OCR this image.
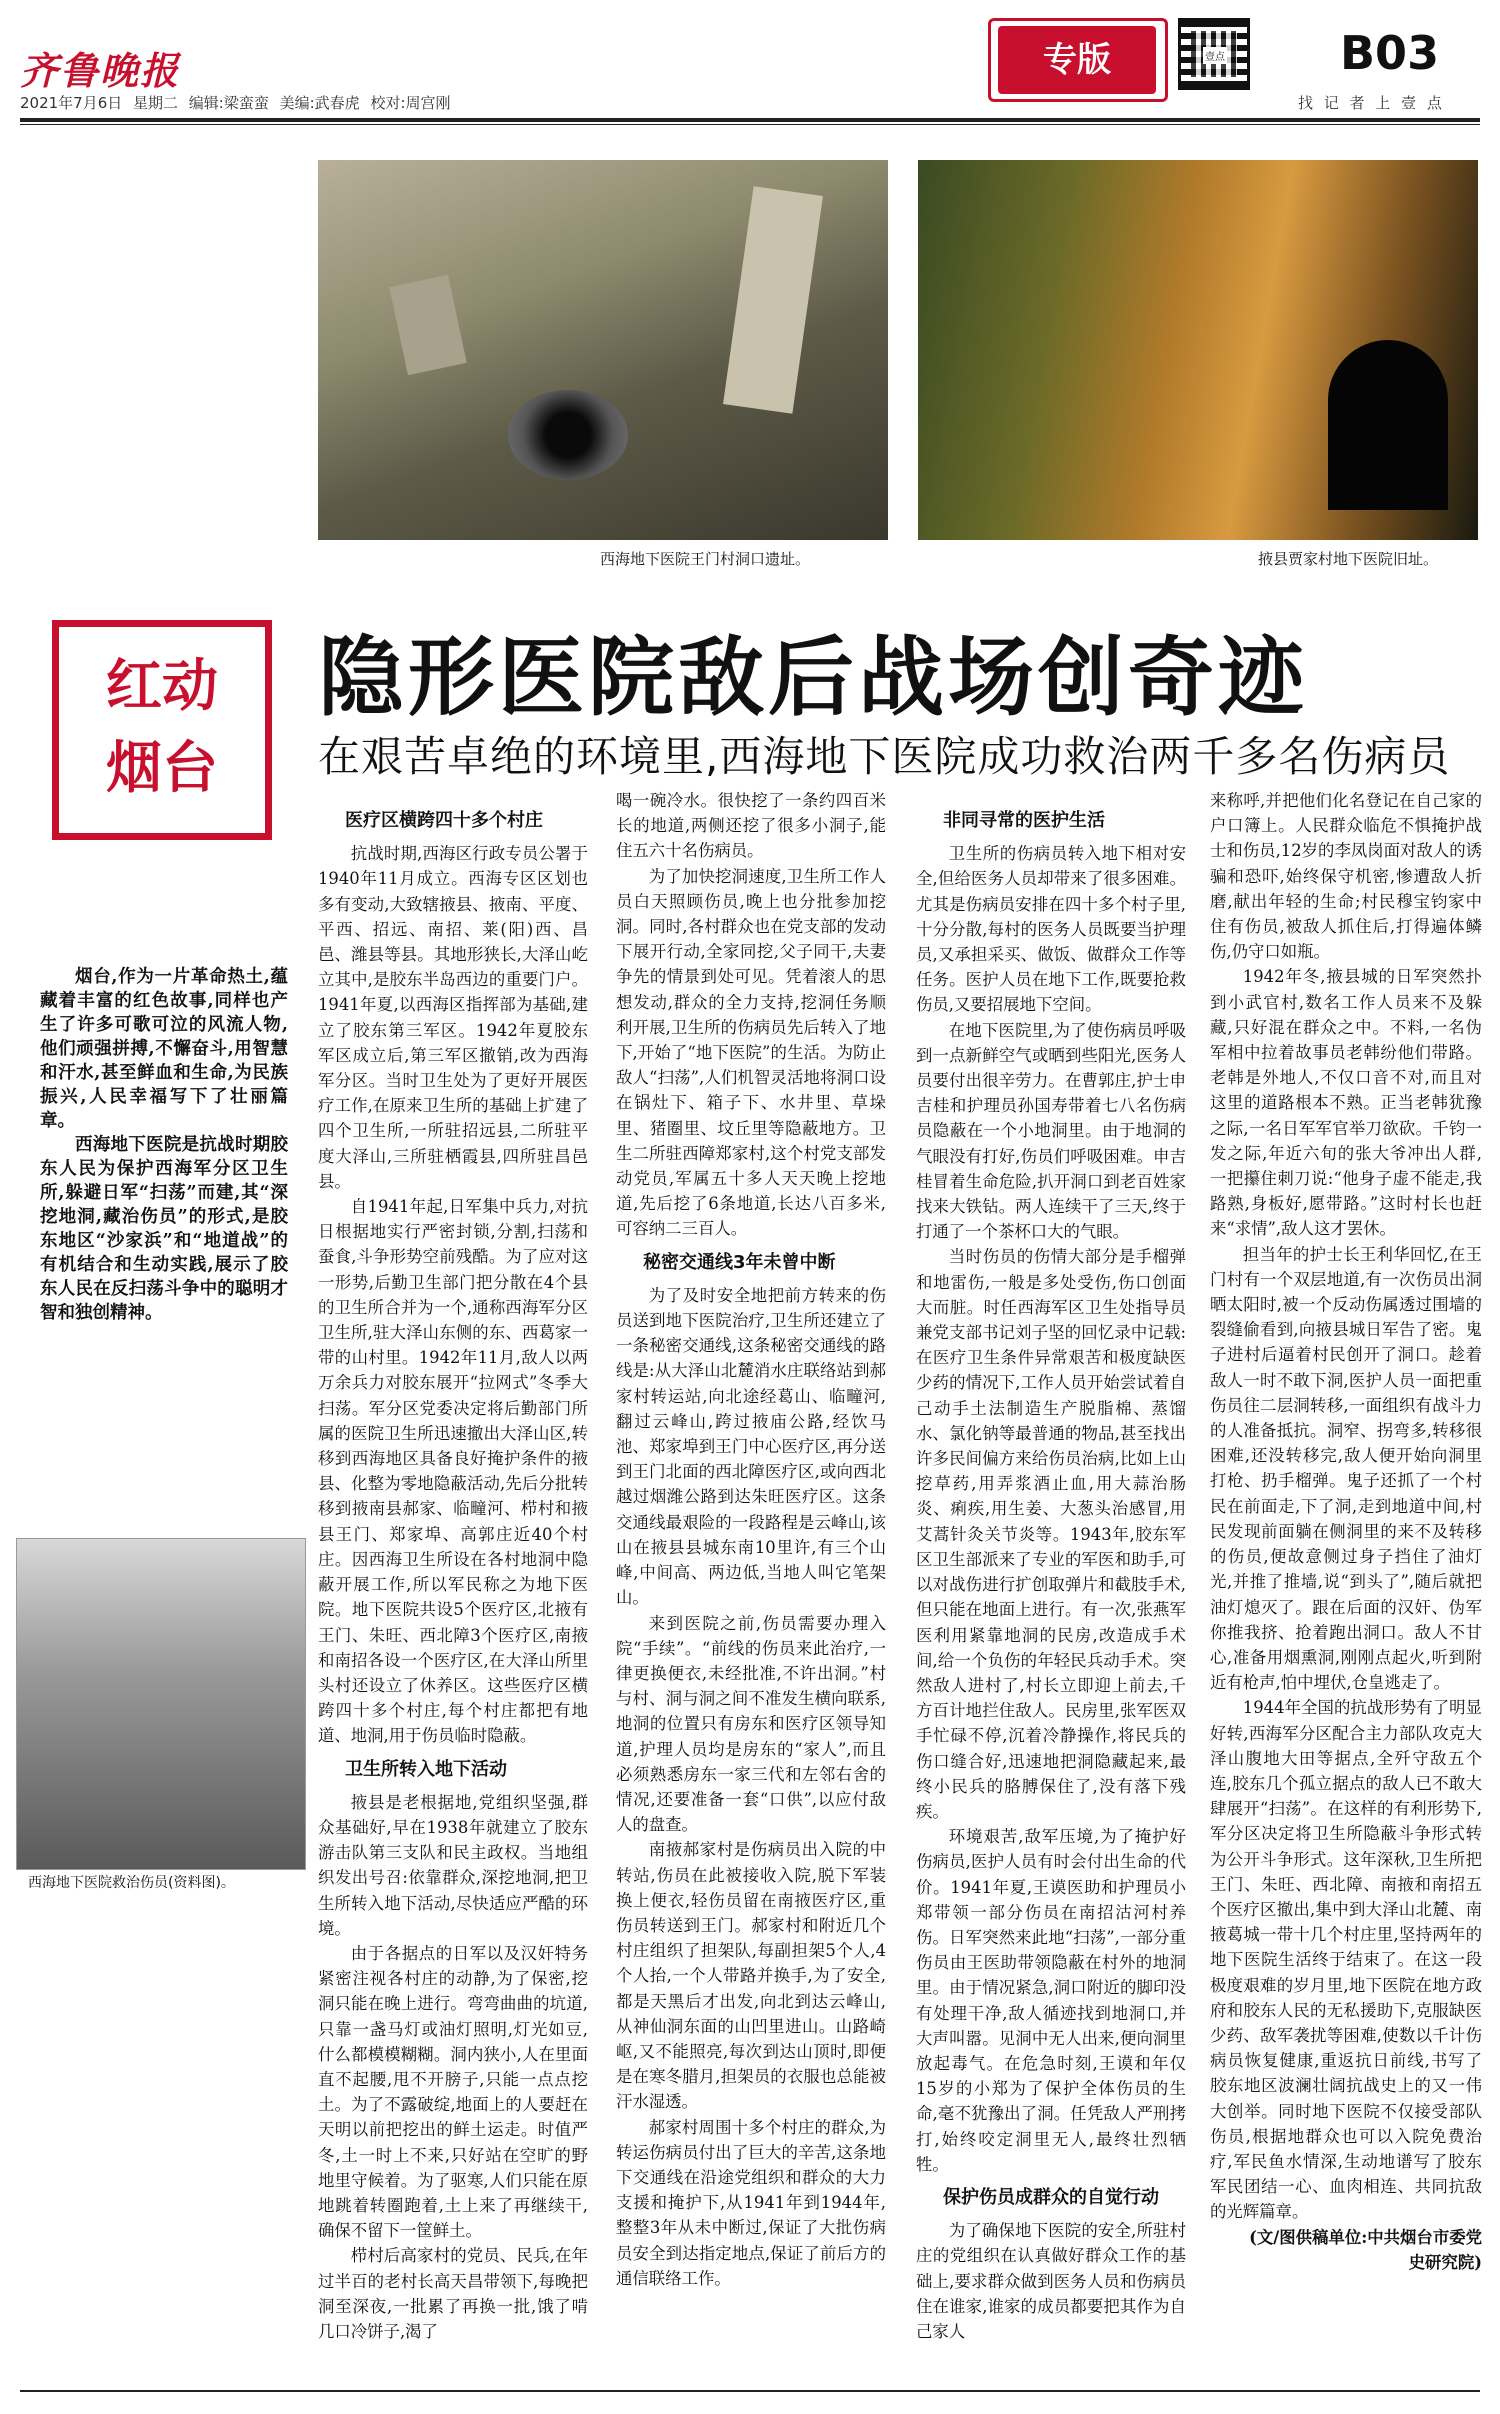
齐鲁晚报
2021年7月6日 星期二 编辑:梁蛮蛮 美编:武春虎 校对:周宫刚
专版	壹点	B03
找 记 者 上 壹 点
西海地下医院王门村洞口遗址。	掖县贾家村地下医院旧址。
红动
烟台
隐形医院敌后战场创奇迹
在艰苦卓绝的环境里,西海地下医院成功救治两千多名伤病员

烟台,作为一片革命热土,蕴藏着丰富的红色故事,同样也产生了许多可歌可泣的风流人物,他们顽强拼搏,不懈奋斗,用智慧和汗水,甚至鲜血和生命,为民族振兴,人民幸福写下了壮丽篇章。

西海地下医院是抗战时期胶东人民为保护西海军分区卫生所,躲避日军“扫荡”而建,其“深挖地洞,藏治伤员”的形式,是胶东地区“沙家浜”和“地道战”的有机结合和生动实践,展示了胶东人民在反扫荡斗争中的聪明才智和独创精神。

西海地下医院救治伤员(资料图)。
医疗区横跨四十多个村庄

抗战时期,西海区行政专员公署于1940年11月成立。西海专区区划也多有变动,大致辖掖县、掖南、平度、平西、招远、南招、莱(阳)西、昌邑、潍县等县。其地形狭长,大泽山屹立其中,是胶东半岛西边的重要门户。1941年夏,以西海区指挥部为基础,建立了胶东第三军区。1942年夏胶东军区成立后,第三军区撤销,改为西海军分区。当时卫生处为了更好开展医疗工作,在原来卫生所的基础上扩建了四个卫生所,一所驻招远县,二所驻平度大泽山,三所驻栖霞县,四所驻昌邑县。

自1941年起,日军集中兵力,对抗日根据地实行严密封锁,分割,扫荡和蚕食,斗争形势空前残酷。为了应对这一形势,后勤卫生部门把分散在4个县的卫生所合并为一个,通称西海军分区卫生所,驻大泽山东侧的东、西葛家一带的山村里。1942年11月,敌人以两万余兵力对胶东展开“拉网式”冬季大扫荡。军分区党委决定将后勤部门所属的医院卫生所迅速撤出大泽山区,转移到西海地区具备良好掩护条件的掖县、化整为零地隐蔽活动,先后分批转移到掖南县郝家、临疃河、栉村和掖县王门、郑家埠、高郭庄近40个村庄。因西海卫生所设在各村地洞中隐蔽开展工作,所以军民称之为地下医院。地下医院共设5个医疗区,北掖有王门、朱旺、西北障3个医疗区,南掖和南招各设一个医疗区,在大泽山所里头村还设立了休养区。这些医疗区横跨四十多个村庄,每个村庄都把有地道、地洞,用于伤员临时隐蔽。

卫生所转入地下活动

掖县是老根据地,党组织坚强,群众基础好,早在1938年就建立了胶东游击队第三支队和民主政权。当地组织发出号召:依靠群众,深挖地洞,把卫生所转入地下活动,尽快适应严酷的环境。

由于各据点的日军以及汉奸特务紧密注视各村庄的动静,为了保密,挖洞只能在晚上进行。弯弯曲曲的坑道,只靠一盏马灯或油灯照明,灯光如豆,什么都模模糊糊。洞内狭小,人在里面直不起腰,甩不开膀子,只能一点点挖土。为了不露破绽,地面上的人要赶在天明以前把挖出的鲜土运走。时值严冬,土一时上不来,只好站在空旷的野地里守候着。为了驱寒,人们只能在原地跳着转圈跑着,土上来了再继续干,确保不留下一筐鲜土。

栉村后高家村的党员、民兵,在年过半百的老村长高天昌带领下,每晚把洞至深夜,一批累了再换一批,饿了啃几口冷饼子,渴了

喝一碗冷水。很快挖了一条约四百米长的地道,两侧还挖了很多小洞子,能住五六十名伤病员。

为了加快挖洞速度,卫生所工作人员白天照顾伤员,晚上也分批参加挖洞。同时,各村群众也在党支部的发动下展开行动,全家同挖,父子同干,夫妻争先的情景到处可见。凭着滚人的思想发动,群众的全力支持,挖洞任务顺利开展,卫生所的伤病员先后转入了地下,开始了“地下医院”的生活。为防止敌人“扫荡”,人们机智灵活地将洞口设在锅灶下、箱子下、水井里、草垛里、猪圈里、坟丘里等隐蔽地方。卫生二所驻西障郑家村,这个村党支部发动党员,军属五十多人天天晚上挖地道,先后挖了6条地道,长达八百多米,可容纳二三百人。

秘密交通线3年未曾中断

为了及时安全地把前方转来的伤员送到地下医院治疗,卫生所还建立了一条秘密交通线,这条秘密交通线的路线是:从大泽山北麓消水庄联络站到郝家村转运站,向北途经葛山、临疃河,翻过云峰山,跨过掖庙公路,经饮马池、郑家埠到王门中心医疗区,再分送到王门北面的西北障医疗区,或向西北越过烟潍公路到达朱旺医疗区。这条交通线最艰险的一段路程是云峰山,该山在掖县县城东南10里许,有三个山峰,中间高、两边低,当地人叫它笔架山。

来到医院之前,伤员需要办理入院“手续”。“前线的伤员来此治疗,一律更换便衣,未经批准,不许出洞。”村与村、洞与洞之间不准发生横向联系,地洞的位置只有房东和医疗区领导知道,护理人员均是房东的“家人”,而且必须熟悉房东一家三代和左邻右舍的情况,还要准备一套“口供”,以应付敌人的盘查。

南掖郝家村是伤病员出入院的中转站,伤员在此被接收入院,脱下军装换上便衣,轻伤员留在南掖医疗区,重伤员转送到王门。郝家村和附近几个村庄组织了担架队,每副担架5个人,4个人抬,一个人带路并换手,为了安全,都是天黑后才出发,向北到达云峰山,从神仙洞东面的山凹里进山。山路崎岖,又不能照亮,每次到达山顶时,即便是在寒冬腊月,担架员的衣服也总能被汗水湿透。

郝家村周围十多个村庄的群众,为转运伤病员付出了巨大的辛苦,这条地下交通线在沿途党组织和群众的大力支援和掩护下,从1941年到1944年,整整3年从未中断过,保证了大批伤病员安全到达指定地点,保证了前后方的通信联络工作。

非同寻常的医护生活

卫生所的伤病员转入地下相对安全,但给医务人员却带来了很多困难。尤其是伤病员安排在四十多个村子里,十分分散,每村的医务人员既要当护理员,又承担采买、做饭、做群众工作等任务。医护人员在地下工作,既要抢救伤员,又要招展地下空间。

在地下医院里,为了使伤病员呼吸到一点新鲜空气或晒到些阳光,医务人员要付出很辛劳力。在曹郭庄,护士申吉桂和护理员孙国寿带着七八名伤病员隐蔽在一个小地洞里。由于地洞的气眼没有打好,伤员们呼吸困难。申吉桂冒着生命危险,扒开洞口到老百姓家找来大铁钻。两人连续干了三天,终于打通了一个茶杯口大的气眼。

当时伤员的伤情大部分是手榴弹和地雷伤,一般是多处受伤,伤口创面大而脏。时任西海军区卫生处指导员兼党支部书记刘子坚的回忆录中记载:在医疗卫生条件异常艰苦和极度缺医少药的情况下,工作人员开始尝试着自己动手土法制造生产脱脂棉、蒸馏水、氯化钠等最普通的物品,甚至找出许多民间偏方来给伤员治病,比如上山挖草药,用弄浆酒止血,用大蒜治肠炎、痢疾,用生姜、大葱头治感冒,用艾蒿针灸关节炎等。1943年,胶东军区卫生部派来了专业的军医和助手,可以对战伤进行扩创取弹片和截肢手术,但只能在地面上进行。有一次,张燕军医利用紧靠地洞的民房,改造成手术间,给一个负伤的年轻民兵动手术。突然敌人进村了,村长立即迎上前去,千方百计地拦住敌人。民房里,张军医双手忙碌不停,沉着冷静操作,将民兵的伤口缝合好,迅速地把洞隐藏起来,最终小民兵的胳膊保住了,没有落下残疾。

环境艰苦,敌军压境,为了掩护好伤病员,医护人员有时会付出生命的代价。1941年夏,王谟医助和护理员小郑带领一部分伤员在南招沽河村养伤。日军突然来此地“扫荡”,一部分重伤员由王医助带领隐蔽在村外的地洞里。由于情况紧急,洞口附近的脚印没有处理干净,敌人循迹找到地洞口,并大声叫嚣。见洞中无人出来,便向洞里放起毒气。在危急时刻,王谟和年仅15岁的小郑为了保护全体伤员的生命,毫不犹豫出了洞。任凭敌人严刑拷打,始终咬定洞里无人,最终壮烈牺牲。

保护伤员成群众的自觉行动

为了确保地下医院的安全,所驻村庄的党组织在认真做好群众工作的基础上,要求群众做到医务人员和伤病员住在谁家,谁家的成员都要把其作为自己家人

来称呼,并把他们化名登记在自己家的户口簿上。人民群众临危不惧掩护战士和伤员,12岁的李凤岗面对敌人的诱骗和恐吓,始终保守机密,惨遭敌人折磨,献出年轻的生命;村民穆宝钧家中住有伤员,被敌人抓住后,打得遍体鳞伤,仍守口如瓶。

1942年冬,掖县城的日军突然扑到小武官村,数名工作人员来不及躲藏,只好混在群众之中。不料,一名伪军相中拉着故事员老韩纷他们带路。老韩是外地人,不仅口音不对,而且对这里的道路根本不熟。正当老韩犹豫之际,一名日军军官举刀欲砍。千钧一发之际,年近六旬的张大爷冲出人群,一把攥住刺刀说:“他身子虚不能走,我路熟,身板好,愿带路。”这时村长也赶来“求情”,敌人这才罢休。

担当年的护士长王利华回忆,在王门村有一个双层地道,有一次伤员出洞晒太阳时,被一个反动伤属透过围墙的裂缝偷看到,向掖县城日军告了密。鬼子进村后逼着村民创开了洞口。趁着敌人一时不敢下洞,医护人员一面把重伤员往二层洞转移,一面组织有战斗力的人准备抵抗。洞窄、拐弯多,转移很困难,还没转移完,敌人便开始向洞里打枪、扔手榴弹。鬼子还抓了一个村民在前面走,下了洞,走到地道中间,村民发现前面躺在侧洞里的来不及转移的伤员,便故意侧过身子挡住了油灯光,并推了推墙,说“到头了”,随后就把油灯熄灭了。跟在后面的汉奸、伪军你推我挤、抢着跑出洞口。敌人不甘心,准备用烟熏洞,刚刚点起火,听到附近有枪声,怕中埋伏,仓皇逃走了。

1944年全国的抗战形势有了明显好转,西海军分区配合主力部队攻克大泽山腹地大田等据点,全歼守敌五个连,胶东几个孤立据点的敌人已不敢大肆展开“扫荡”。在这样的有利形势下,军分区决定将卫生所隐蔽斗争形式转为公开斗争形式。这年深秋,卫生所把王门、朱旺、西北障、南掖和南招五个医疗区撤出,集中到大泽山北麓、南掖葛城一带十几个村庄里,坚持两年的地下医院生活终于结束了。在这一段极度艰难的岁月里,地下医院在地方政府和胶东人民的无私援助下,克服缺医少药、敌军袭扰等困难,使数以千计伤病员恢复健康,重返抗日前线,书写了胶东地区波澜壮阔抗战史上的又一伟大创举。同时地下医院不仅接受部队伤员,根据地群众也可以入院免费治疗,军民鱼水情深,生动地谱写了胶东军民团结一心、血肉相连、共同抗敌的光辉篇章。

(文/图供稿单位:中共烟台市委党史研究院)
